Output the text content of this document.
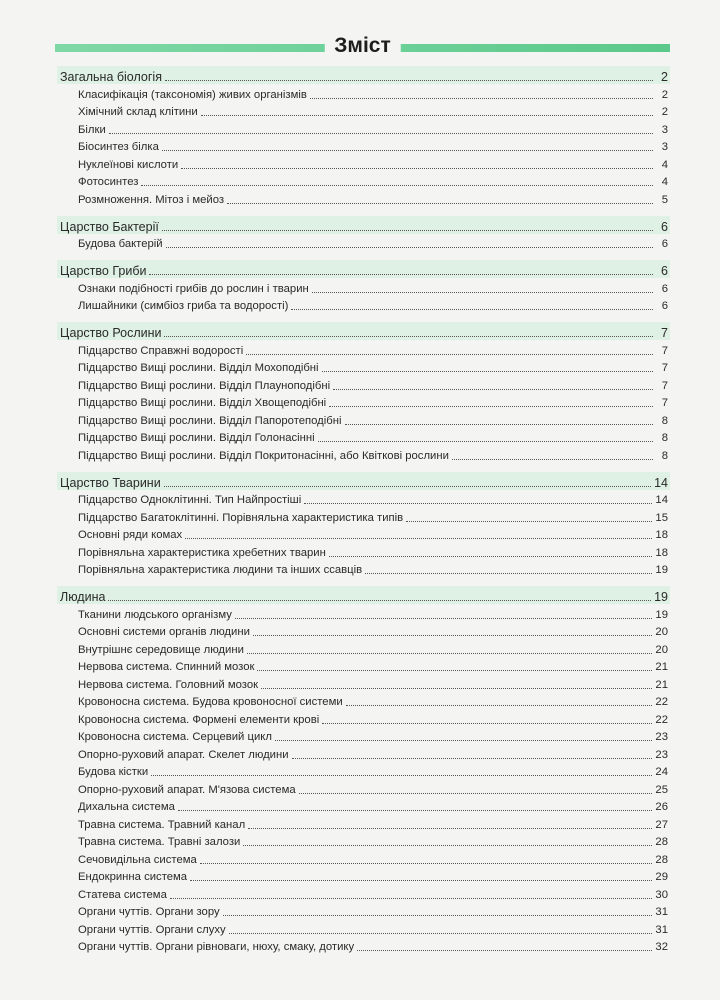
Зміст
Загальна біологія	2
Класифікація (таксономія) живих організмів	2
Хімічний склад клітини	2
Білки	3
Біосинтез білка	3
Нуклеїнові кислоти	4
Фотосинтез	4
Розмноження. Мітоз і мейоз	5
Царство Бактерії	6
Будова бактерій	6
Царство Гриби	6
Ознаки подібності грибів до рослин і тварин	6
Лишайники (симбіоз гриба та водорості)	6
Царство Рослини	7
Підцарство Справжні водорості	7
Підцарство Вищі рослини. Відділ Мохоподібні	7
Підцарство Вищі рослини. Відділ Плауноподібні	7
Підцарство Вищі рослини. Відділ Хвощеподібні	7
Підцарство Вищі рослини. Відділ Папоротеподібні	8
Підцарство Вищі рослини. Відділ Голонасінні	8
Підцарство Вищі рослини. Відділ Покритонасінні, або Квіткові рослини	8
Царство Тварини	14
Підцарство Одноклітинні. Тип Найпростіші	14
Підцарство Багатоклітинні. Порівняльна характеристика типів	15
Основні ряди комах	18
Порівняльна характеристика хребетних тварин	18
Порівняльна характеристика людини та інших ссавців	19
Людина	19
Тканини людського організму	19
Основні системи органів людини	20
Внутрішнє середовище людини	20
Нервова система. Спинний мозок	21
Нервова система. Головний мозок	21
Кровоносна система. Будова кровоносної системи	22
Кровоносна система. Формені елементи крові	22
Кровоносна система. Серцевий цикл	23
Опорно-руховий апарат. Скелет людини	23
Будова кістки	24
Опорно-руховий апарат. М'язова система	25
Дихальна система	26
Травна система. Травний канал	27
Травна система. Травні залози	28
Сечовидільна система	28
Ендокринна система	29
Статева система	30
Органи чуттів. Органи зору	31
Органи чуттів. Органи слуху	31
Органи чуттів. Органи рівноваги, нюху, смаку, дотику	32
